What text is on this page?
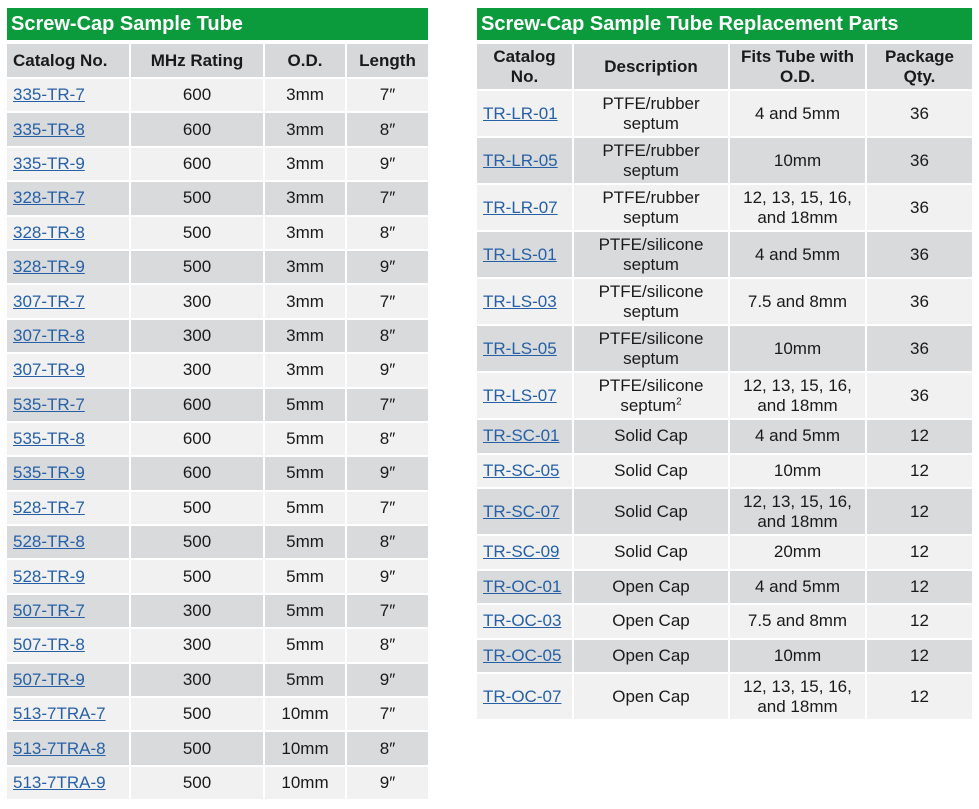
Screw-Cap Sample Tube
Catalog No.	MHz Rating	O.D.	Length
335-TR-7	600	3mm	7″
335-TR-8	600	3mm	8″
335-TR-9	600	3mm	9″
328-TR-7	500	3mm	7″
328-TR-8	500	3mm	8″
328-TR-9	500	3mm	9″
307-TR-7	300	3mm	7″
307-TR-8	300	3mm	8″
307-TR-9	300	3mm	9″
535-TR-7	600	5mm	7″
535-TR-8	600	5mm	8″
535-TR-9	600	5mm	9″
528-TR-7	500	5mm	7″
528-TR-8	500	5mm	8″
528-TR-9	500	5mm	9″
507-TR-7	300	5mm	7″
507-TR-8	300	5mm	8″
507-TR-9	300	5mm	9″
513-7TRA-7	500	10mm	7″
513-7TRA-8	500	10mm	8″
513-7TRA-9	500	10mm	9″
Screw-Cap Sample Tube Replacement Parts
Catalog No.	Description	Fits Tube with O.D.	Package Qty.
TR-LR-01	PTFE/rubber septum	4 and 5mm	36
TR-LR-05	PTFE/rubber septum	10mm	36
TR-LR-07	PTFE/rubber septum	12, 13, 15, 16, and 18mm	36
TR-LS-01	PTFE/silicone septum	4 and 5mm	36
TR-LS-03	PTFE/silicone septum	7.5 and 8mm	36
TR-LS-05	PTFE/silicone septum	10mm	36
TR-LS-07	PTFE/silicone septum$^2$	12, 13, 15, 16, and 18mm	36
TR-SC-01	Solid Cap	4 and 5mm	12
TR-SC-05	Solid Cap	10mm	12
TR-SC-07	Solid Cap	12, 13, 15, 16, and 18mm	12
TR-SC-09	Solid Cap	20mm	12
TR-OC-01	Open Cap	4 and 5mm	12
TR-OC-03	Open Cap	7.5 and 8mm	12
TR-OC-05	Open Cap	10mm	12
TR-OC-07	Open Cap	12, 13, 15, 16, and 18mm	12
